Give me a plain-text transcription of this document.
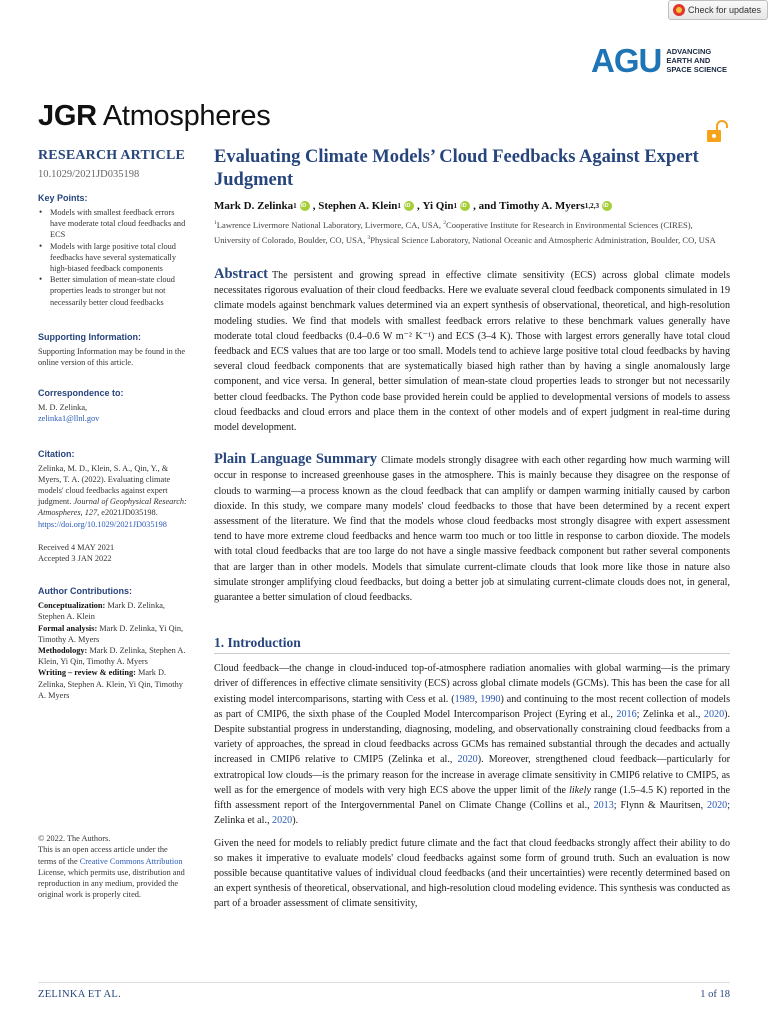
Check for updates
AGU ADVANCING
EARTH AND
SPACE SCIENCE
JGR Atmospheres
RESEARCH ARTICLE
10.1029/2021JD035198
Key Points:
• Models with smallest feedback errors have moderate total cloud feedbacks and ECS
• Models with large positive total cloud feedbacks have several systematically high-biased feedback components
• Better simulation of mean-state cloud properties leads to stronger but not necessarily better cloud feedbacks
Supporting Information:
Supporting Information may be found in the online version of this article.
Correspondence to:
M. D. Zelinka,
zelinka1@llnl.gov
Citation:
Zelinka, M. D., Klein, S. A., Qin, Y., & Myers, T. A. (2022). Evaluating climate models' cloud feedbacks against expert judgment. Journal of Geophysical Research: Atmospheres, 127, e2021JD035198. https://doi.org/10.1029/2021JD035198
Received 4 MAY 2021
Accepted 3 JAN 2022
Author Contributions:
Conceptualization: Mark D. Zelinka, Stephen A. Klein
Formal analysis: Mark D. Zelinka, Yi Qin, Timothy A. Myers
Methodology: Mark D. Zelinka, Stephen A. Klein, Yi Qin, Timothy A. Myers
Writing – review & editing: Mark D. Zelinka, Stephen A. Klein, Yi Qin, Timothy A. Myers
© 2022. The Authors.
This is an open access article under the terms of the Creative Commons Attribution License, which permits use, distribution and reproduction in any medium, provided the original work is properly cited.
Evaluating Climate Models’ Cloud Feedbacks Against Expert Judgment
Mark D. Zelinka 1 iD , Stephen A. Klein 1 iD , Yi Qin 1 iD , and Timothy A. Myers 1,2,3
iD
$^1$Lawrence Livermore National Laboratory, Livermore, CA, USA, $^2$Cooperative Institute for Research in Environmental Sciences (CIRES), University of Colorado, Boulder, CO, USA, $^3$Physical Science Laboratory, National Oceanic and Atmospheric Administration, Boulder, CO, USA
Abstract The persistent and growing spread in effective climate sensitivity (ECS) across global climate models necessitates rigorous evaluation of their cloud feedbacks. Here we evaluate several cloud feedback components simulated in 19 climate models against benchmark values determined via an expert synthesis of observational, theoretical, and high-resolution modeling studies. We find that models with smallest feedback errors relative to these benchmark values generally have moderate total cloud feedbacks (0.4–0.6 W m⁻² K⁻¹) and ECS (3–4 K). Those with largest errors generally have total cloud feedback and ECS values that are too large or too small. Models tend to achieve large positive total cloud feedbacks by having several cloud feedback components that are systematically biased high rather than by having a single anomalously large component, and vice versa. In general, better simulation of mean-state cloud properties leads to stronger but not necessarily better cloud feedbacks. The Python code base provided herein could be applied to developmental versions of models to assess cloud feedbacks and cloud errors and place them in the context of other models and of expert judgment in real-time during model development.
Plain Language Summary Climate models strongly disagree with each other regarding how much warming will occur in response to increased greenhouse gases in the atmosphere. This is mainly because they disagree on the response of clouds to warming—a process known as the cloud feedback that can amplify or dampen warming initially caused by carbon dioxide. In this study, we compare many models' cloud feedbacks to those that have been determined by a recent expert assessment of the literature. We find that the models whose cloud feedbacks most strongly disagree with expert assessment tend to have more extreme cloud feedbacks and hence warm too much or too little in response to carbon dioxide. The models with total cloud feedbacks that are too large do not have a single massive feedback component but rather several components that are larger than in other models. Models that simulate current-climate clouds that look more like those in nature also simulate stronger amplifying cloud feedbacks, but doing a better job at simulating current-climate clouds does not, in general, guarantee a better simulation of cloud feedbacks.
1. Introduction
Cloud feedback—the change in cloud-induced top-of-atmosphere radiation anomalies with global warming—is the primary driver of differences in effective climate sensitivity (ECS) across global climate models (GCMs). This has been the case for all existing model intercomparisons, starting with Cess et al. (1989, 1990) and continuing to the most recent collection of models as part of CMIP6, the sixth phase of the Coupled Model Intercomparison Project (Eyring et al., 2016; Zelinka et al., 2020). Despite substantial progress in understanding, diagnosing, modeling, and observationally constraining cloud feedbacks from a variety of approaches, the spread in cloud feedbacks across GCMs has remained substantial through the decades and actually increased in CMIP6 relative to CMIP5 (Zelinka et al., 2020). Moreover, strengthened cloud feedback—particularly for extratropical low clouds—is the primary reason for the increase in average climate sensitivity in CMIP6 relative to CMIP5, as well as for the emergence of models with very high ECS above the upper limit of the likely range (1.5–4.5 K) reported in the fifth assessment report of the Intergovernmental Panel on Climate Change (Collins et al., 2013; Flynn & Mauritsen, 2020; Zelinka et al., 2020).
Given the need for models to reliably predict future climate and the fact that cloud feedbacks strongly affect their ability to do so makes it imperative to evaluate models' cloud feedbacks against some form of ground truth. Such an evaluation is now possible because quantitative values of individual cloud feedbacks (and their uncertainties) were recently determined based on an expert synthesis of theoretical, observational, and high-resolution cloud modeling evidence. This synthesis was conducted as part of a broader assessment of climate sensitivity,
ZELINKA ET AL.	1 of 18
